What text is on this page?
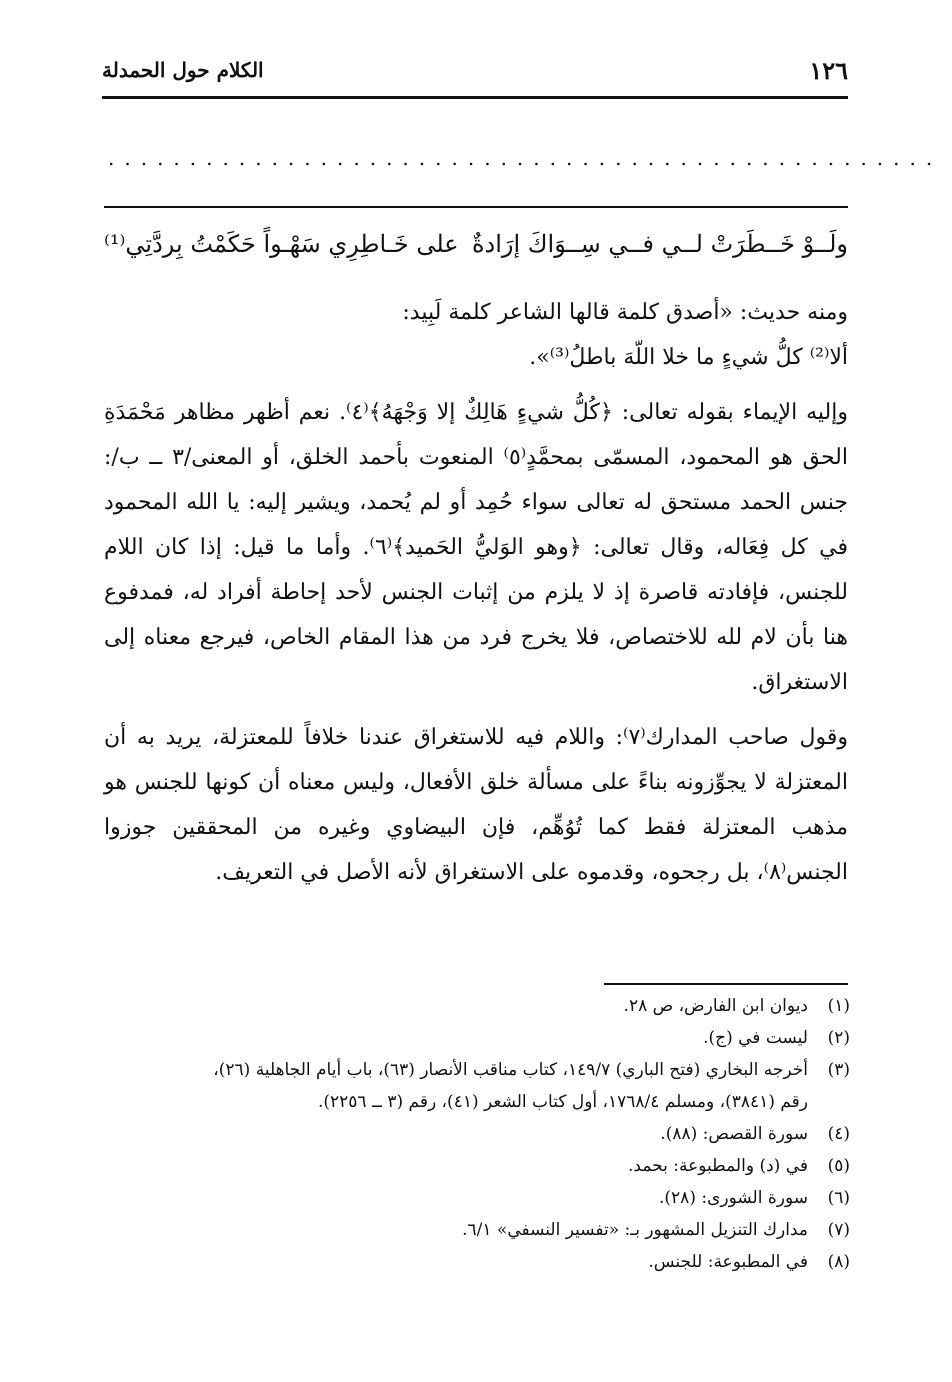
١٢٦
الكلام حول الحمدلة
...................................................
ولَــوْ خَــطَرَتْ لــي فــي سِــوَاكَ إرَادةٌ
على خَـاطِرِي سَهْـواً حَكَمْتُ بِردَّتِي⁽¹⁾

ومنه حديث: «أصدق كلمة قالها الشاعر كلمة لَبِيد:

ألا⁽²⁾ كلُّ شيءٍ ما خلا اللّهَ باطلُ⁽³⁾».

وإليه الإيماء بقوله تعالى: ﴿كُلُّ شيءٍ هَالِكٌ إلا وَجْهَهُ﴾⁽٤⁾. نعم أظهر مظاهر مَحْمَدَةِ الحق هو المحمود، المسمّى بمحمَّدٍ⁽٥⁾ المنعوت بأحمد الخلق، أو المعنى/٣ ــ ب/: جنس الحمد مستحق له تعالى سواء حُمِد أو لم يُحمد، ويشير إليه: يا الله المحمود في كل فِعَاله، وقال تعالى: ﴿وهو الوَليُّ الحَميد﴾⁽٦⁾. وأما ما قيل: إذا كان اللام للجنس، فإفادته قاصرة إذ لا يلزم من إثبات الجنس لأحد إحاطة أفراد له، فمدفوع هنا بأن لام لله للاختصاص، فلا يخرج فرد من هذا المقام الخاص، فيرجع معناه إلى الاستغراق.

وقول صاحب المدارك⁽٧⁾: واللام فيه للاستغراق عندنا خلافاً للمعتزلة، يريد به أن المعتزلة لا يجوِّزونه بناءً على مسألة خلق الأفعال، وليس معناه أن كونها للجنس هو مذهب المعتزلة فقط كما تُوُهِّم، فإن البيضاوي وغيره من المحققين جوزوا الجنس⁽٨⁾، بل رجحوه، وقدموه على الاستغراق لأنه الأصل في التعريف.

(١)
ديوان ابن الفارض، ص ٢٨.

(٢)
ليست في (ج).

(٣)
أخرجه البخاري (فتح الباري) ١٤٩/٧، كتاب مناقب الأنصار (٦٣)، باب أيام الجاهلية (٢٦)،
رقم (٣٨٤١)، ومسلم ١٧٦٨/٤، أول كتاب الشعر (٤١)، رقم (٣ ــ ٢٢٥٦).

(٤)
سورة القصص: (٨٨).

(٥)
في (د) والمطبوعة: بحمد.

(٦)
سورة الشورى: (٢٨).

(٧)
مدارك التنزيل المشهور بـ: «تفسير النسفي» ٦/١.

(٨)
في المطبوعة: للجنس.
